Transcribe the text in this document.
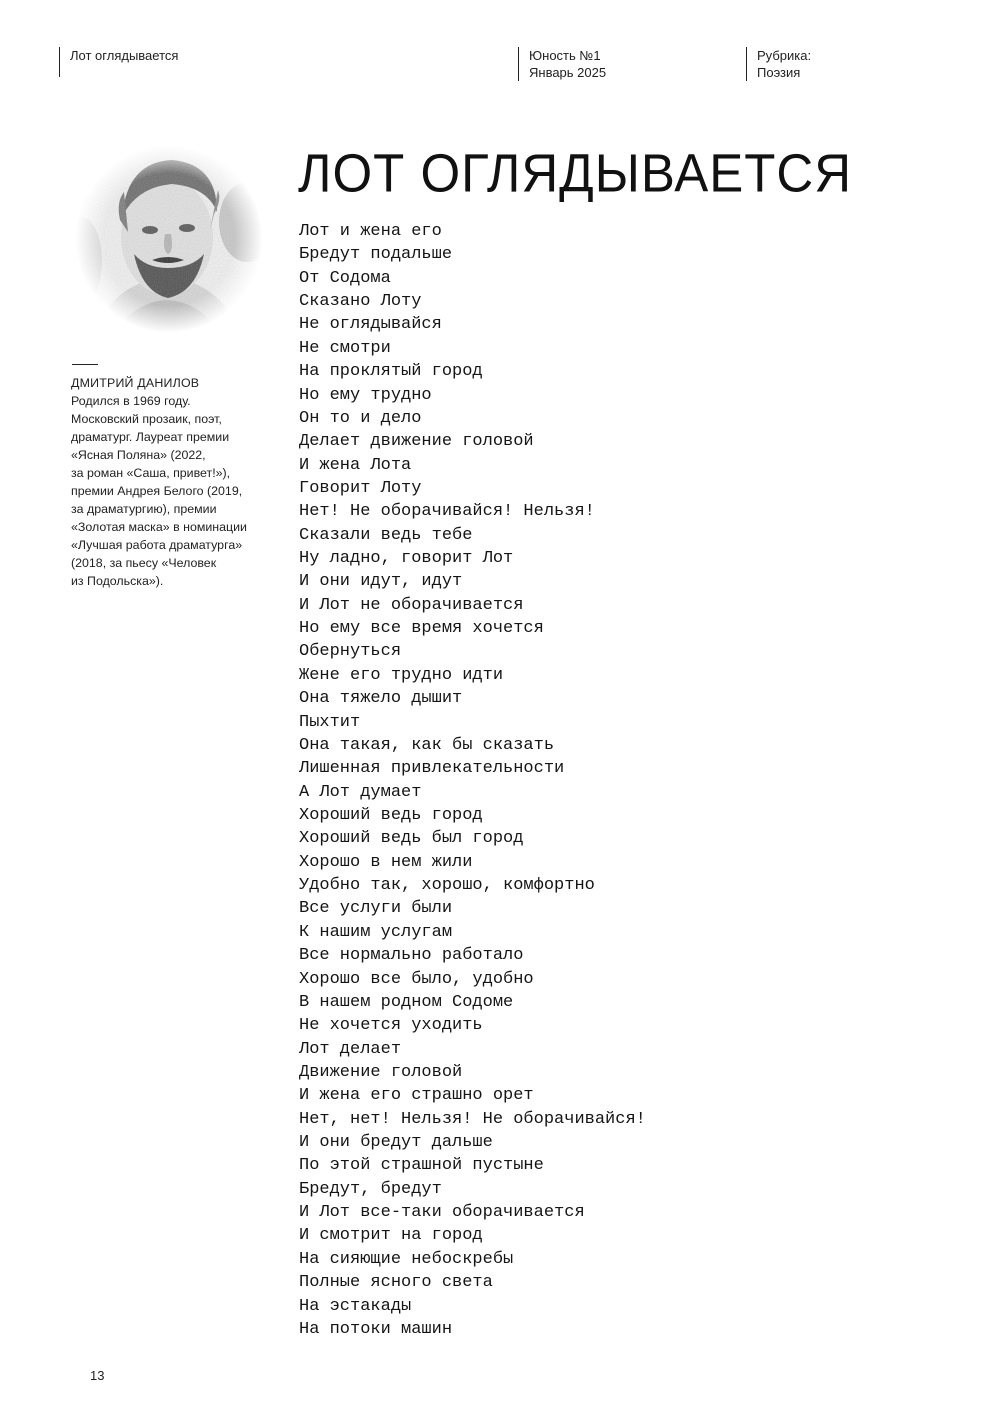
Лот оглядывается	Юность №1
Январь 2025
Рубрика:
Поэзия
ДМИТРИЙ ДАНИЛОВ
Родился в 1969 году.
Московский прозаик, поэт,
драматург. Лауреат премии
«Ясная Поляна» (2022,
за роман «Саша, привет!»),
премии Андрея Белого (2019,
за драматургию), премии
«Золотая маска» в номинации
«Лучшая работа драматурга»
(2018, за пьесу «Человек
из Подольска»).
ЛОТ ОГЛЯДЫВАЕТСЯ
Лот и жена его
Бредут подальше
От Содома
Сказано Лоту
Не оглядывайся
Не смотри
На проклятый город
Но ему трудно
Он то и дело
Делает движение головой
И жена Лота
Говорит Лоту
Нет! Не оборачивайся! Нельзя!
Сказали ведь тебе
Ну ладно, говорит Лот
И они идут, идут
И Лот не оборачивается
Но ему все время хочется
Обернуться
Жене его трудно идти
Она тяжело дышит
Пыхтит
Она такая, как бы сказать
Лишенная привлекательности
А Лот думает
Хороший ведь город
Хороший ведь был город
Хорошо в нем жили
Удобно так, хорошо, комфортно
Все услуги были
К нашим услугам
Все нормально работало
Хорошо все было, удобно
В нашем родном Содоме
Не хочется уходить
Лот делает
Движение головой
И жена его страшно орет
Нет, нет! Нельзя! Не оборачивайся!
И они бредут дальше
По этой страшной пустыне
Бредут, бредут
И Лот все-таки оборачивается
И смотрит на город
На сияющие небоскребы
Полные ясного света
На эстакады
На потоки машин
13
